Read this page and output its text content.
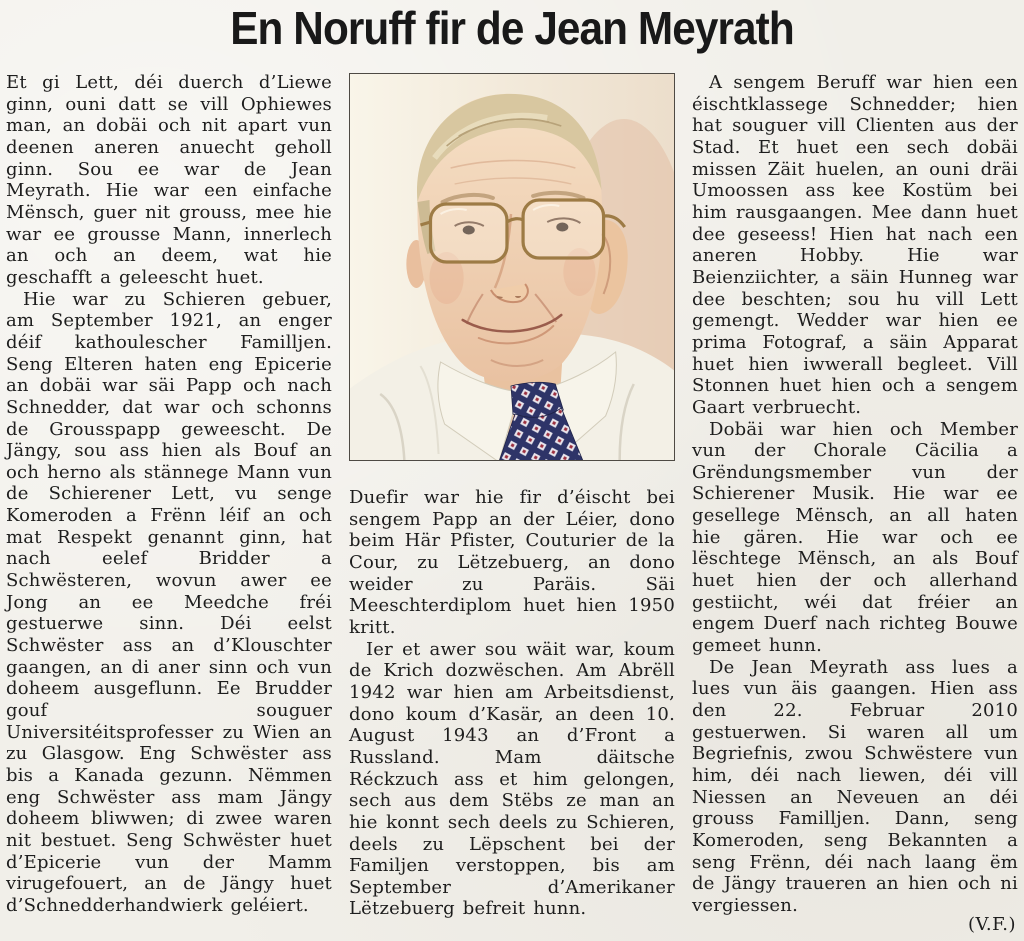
En Noruff fir de Jean Meyrath

Et gi Lett, déi duerch d’Liewe ginn, ouni datt se vill Ophiewes man, an dobäi och nit apart vun deenen aneren anuecht geholl ginn. Sou ee war de Jean Meyrath. Hie war een einfache Mënsch, guer nit grouss, mee hie war ee grousse Mann, innerlech an och an deem, wat hie geschafft a geleescht huet.

Hie war zu Schieren gebuer, am September 1921, an enger déif kathoulescher Familljen. Seng Elteren haten eng Epicerie an dobäi war säi Papp och nach Schnedder, dat war och schonns de Grousspapp geweescht. De Jängy, sou ass hien als Bouf an och herno als stännege Mann vun de Schierener Lett, vu senge Komeroden a Frënn léif an och mat Respekt genannt ginn, hat nach eelef Bridder a Schwësteren, wovun awer ee Jong an ee Meedche fréi gestuerwe sinn. Déi eelst Schwëster ass an d’Klouschter gaangen, an di aner sinn och vun doheem ausgeflunn. Ee Brudder gouf souguer Universitéitsprofesser zu Wien an zu Glasgow. Eng Schwëster ass bis a Kanada gezunn. Nëmmen eng Schwëster ass mam Jängy doheem bliwwen; di zwee waren nit bestuet. Seng Schwëster huet d’Epicerie vun der Mamm virugefouert, an de Jängy huet d’Schnedderhandwierk geléiert.

Duefir war hie fir d’éischt bei sengem Papp an der Léier, dono beim Här Pfister, Couturier de la Cour, zu Lëtzebuerg, an dono weider zu Paräis. Säi Meeschterdiplom huet hien 1950 kritt.

Ier et awer sou wäit war, koum de Krich dozwëschen. Am Abrëll 1942 war hien am Arbeitsdienst, dono koum d’Kasär, an deen 10. August 1943 an d’Front a Russland. Mam däitsche Réckzuch ass et him gelongen, sech aus dem Stëbs ze man an hie konnt sech deels zu Schieren, deels zu Lëpschent bei der Familjen verstoppen, bis am September d’Amerikaner Lëtzebuerg befreit hunn.

A sengem Beruff war hien een éischtklassege Schnedder; hien hat souguer vill Clienten aus der Stad. Et huet een sech dobäi missen Zäit huelen, an ouni dräi Umoossen ass kee Kostüm bei him rausgaangen. Mee dann huet dee geseess! Hien hat nach een aneren Hobby. Hie war Beienziichter, a säin Hunneg war dee beschten; sou hu vill Lett gemengt. Wedder war hien ee prima Fotograf, a säin Apparat huet hien iwwerall begleet. Vill Stonnen huet hien och a sengem Gaart verbruecht.

Dobäi war hien och Member vun der Chorale Cäcilia a Grëndungsmember vun der Schierener Musik. Hie war ee gesellege Mënsch, an all haten hie gären. Hie war och ee lëschtege Mënsch, an als Bouf huet hien der och allerhand gestiicht, wéi dat fréier an engem Duerf nach richteg Bouwe gemeet hunn.

De Jean Meyrath ass lues a lues vun äis gaangen. Hien ass den 22. Februar 2010 gestuerwen. Si waren all um Begriefnis, zwou Schwëstere vun him, déi nach liewen, déi vill Niessen an Neveuen an déi grouss Familljen. Dann, seng Komeroden, seng Bekannten a seng Frënn, déi nach laang ëm de Jängy traueren an hien och ni vergiessen.

(V.F.)
